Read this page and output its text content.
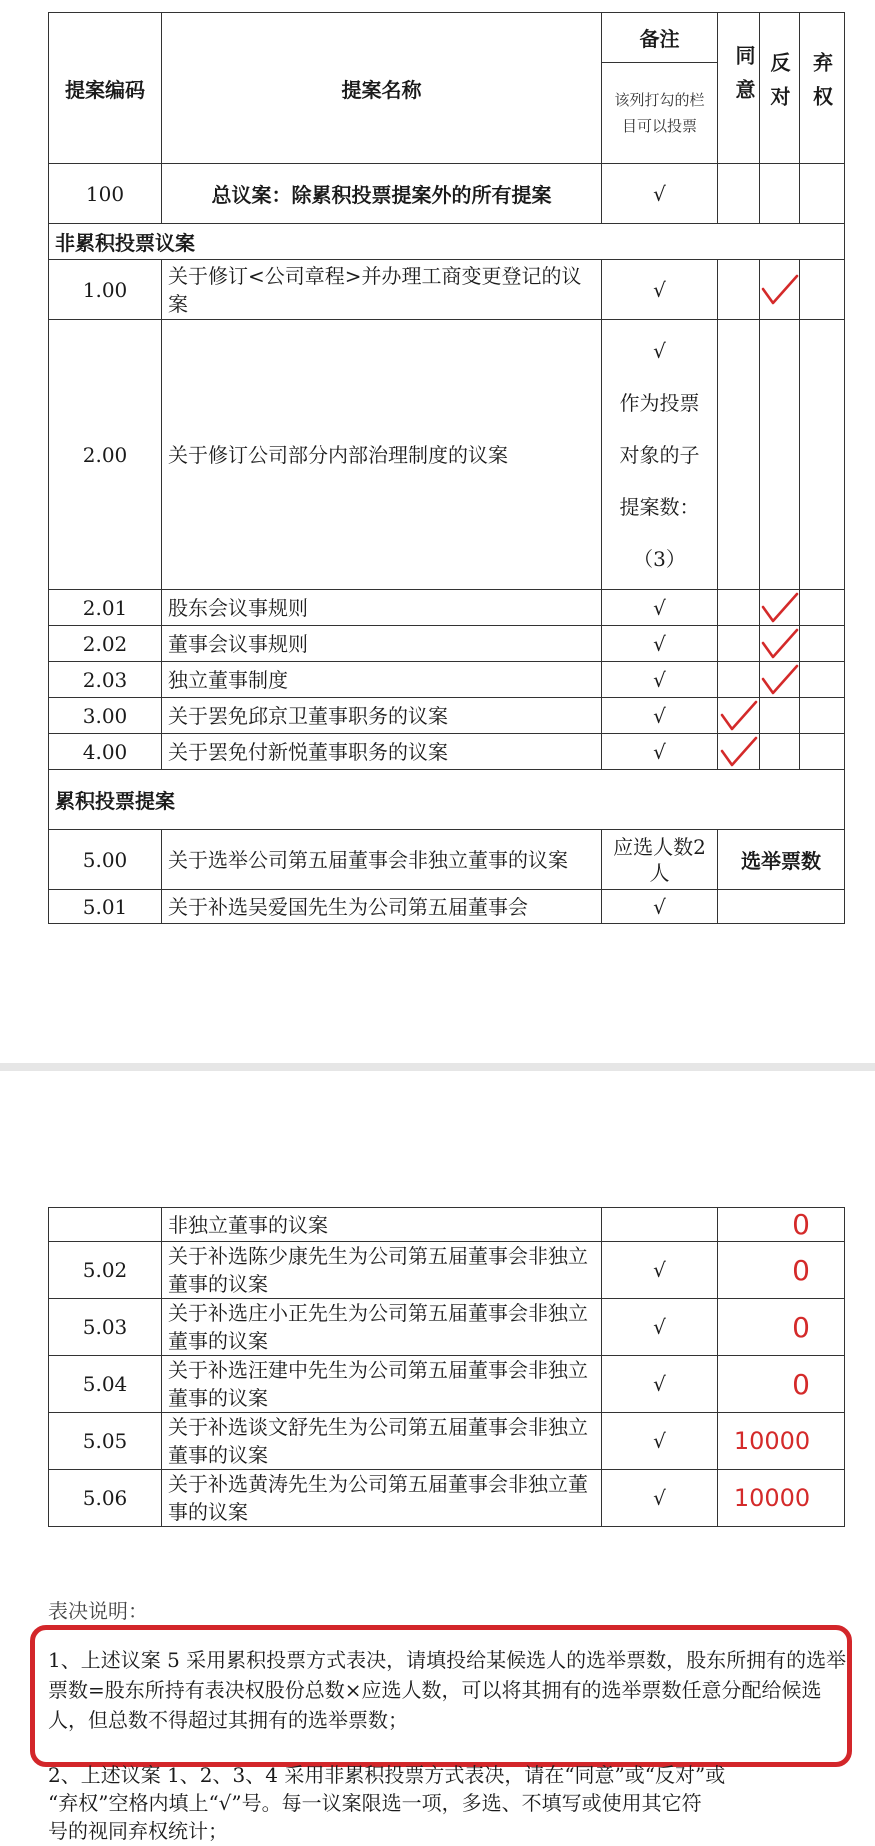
提案编码	提案名称	备注	同意	反对	弃权
		该列打勾的栏目可以投票			
100	总议案：除累积投票提案外的所有提案	√			
非累积投票议案					
1.00	关于修订<公司章程>并办理工商变更登记的议案	√		

2.00	关于修订公司部分内部治理制度的议案	√
作为投票
对象的子
提案数：
（3）			

2.01	股东会议事规则	√		

2.02	董事会议事规则	√		

2.03	独立董事制度	√		

3.00	关于罢免邱京卫董事职务的议案	√	

4.00	关于罢免付新悦董事职务的议案	√	

累积投票提案					
5.00	关于选举公司第五届董事会非独立董事的议案	应选人数2人	选举票数		
5.01	关于补选吴爱国先生为公司第五届董事会	√			
	非独立董事的议案		0
5.02	关于补选陈少康先生为公司第五届董事会非独立董事的议案	√	0
5.03	关于补选庄小正先生为公司第五届董事会非独立董事的议案	√	0
5.04	关于补选汪建中先生为公司第五届董事会非独立董事的议案	√	0
5.05	关于补选谈文舒先生为公司第五届董事会非独立董事的议案	√	10000
5.06	关于补选黄涛先生为公司第五届董事会非独立董事的议案	√	10000
表决说明：
1、上述议案 5 采用累积投票方式表决，请填投给某候选人的选举票数，股东所拥有的选举票数=股东所持有表决权股份总数×应选人数，可以将其拥有的选举票数任意分配给候选人，但总数不得超过其拥有的选举票数；
2、上述议案 1、2、3、4 采用非累积投票方式表决，请在“同意”或“反对”或
“弃权”空格内填上“√”号。每一议案限选一项，多选、不填写或使用其它符
号的视同弃权统计；
